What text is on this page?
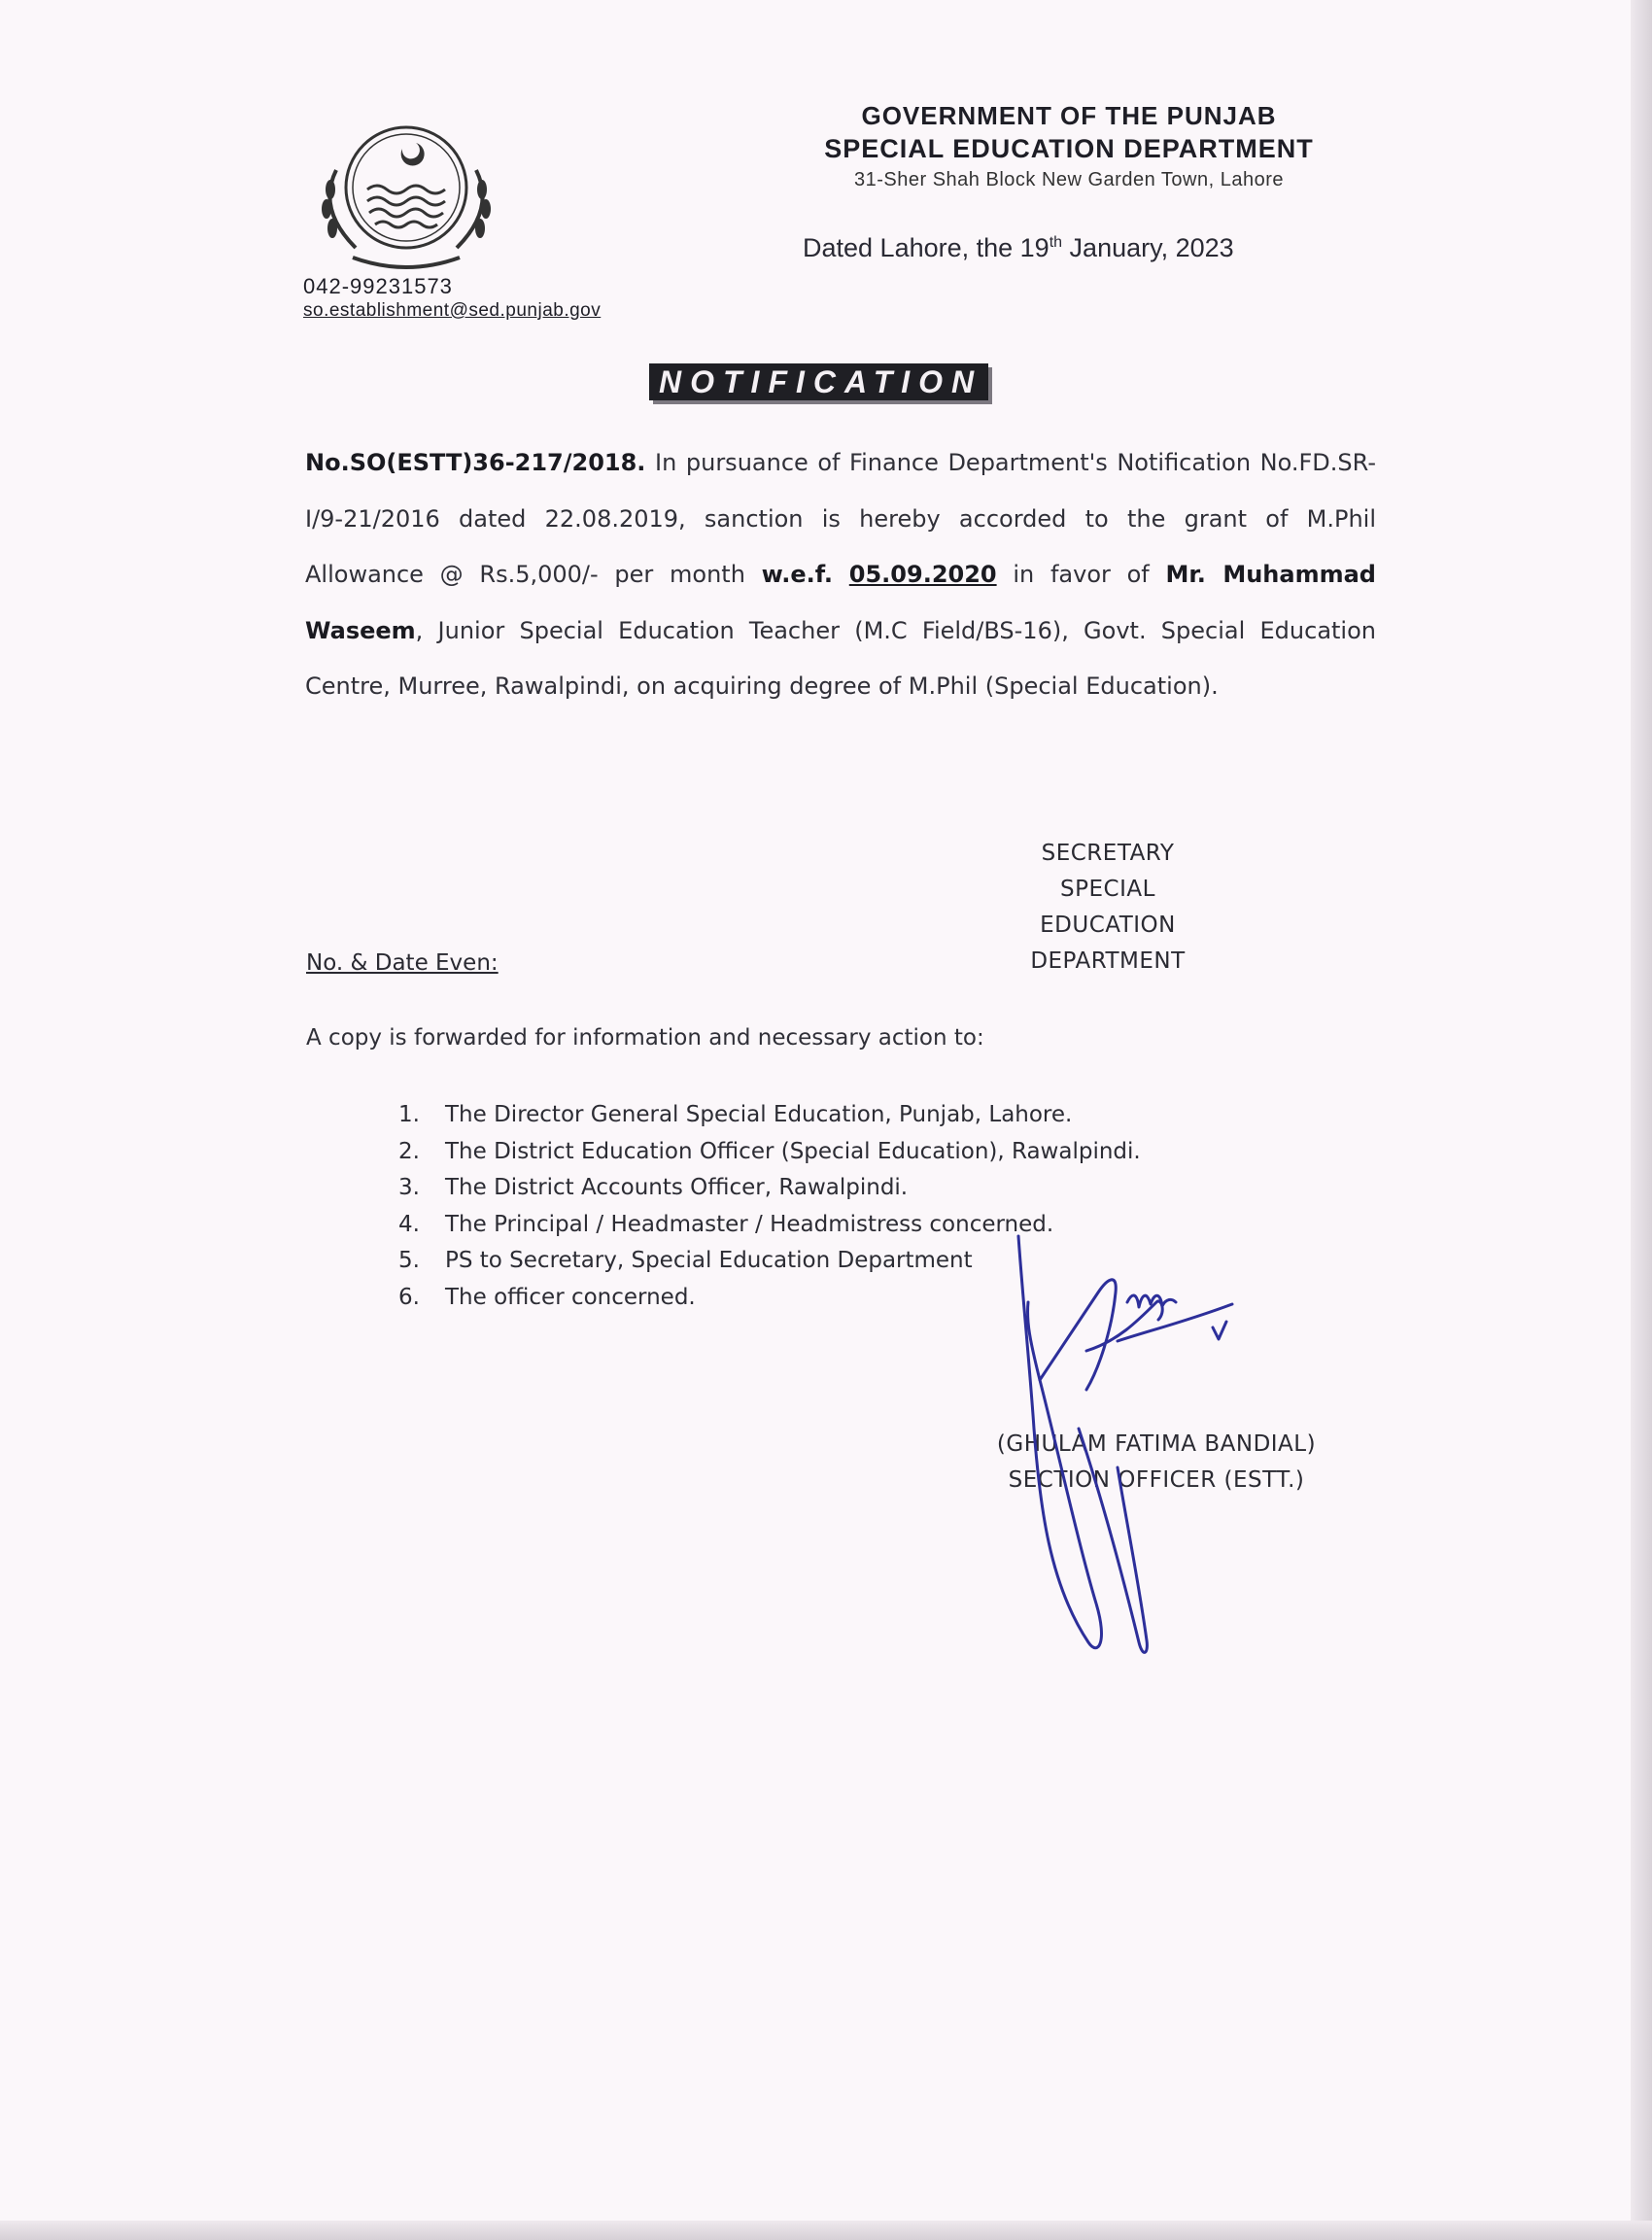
042-99231573
so.establishment@sed.punjab.gov
GOVERNMENT OF THE PUNJAB
SPECIAL EDUCATION DEPARTMENT
31-Sher Shah Block New Garden Town, Lahore
Dated Lahore, the 19th January, 2023
NOTIFICATION
No.SO(ESTT)36-217/2018. In pursuance of Finance Department's Notification No.FD.SR-I/9-21/2016 dated 22.08.2019, sanction is hereby accorded to the grant of M.Phil Allowance @ Rs.5,000/- per month w.e.f. 05.09.2020 in favor of Mr. Muhammad Waseem, Junior Special Education Teacher (M.C Field/BS-16), Govt. Special Education Centre, Murree, Rawalpindi, on acquiring degree of M.Phil (Special Education).
SECRETARY
SPECIAL EDUCATION
DEPARTMENT
No. & Date Even:
A copy is forwarded for information and necessary action to:
1.	The Director General Special Education, Punjab, Lahore.
2.	The District Education Officer (Special Education), Rawalpindi.
3.	The District Accounts Officer, Rawalpindi.
4.	The Principal / Headmaster / Headmistress concerned.
5.	PS to Secretary, Special Education Department
6.	The officer concerned.
(GHULAM FATIMA BANDIAL)
SECTION OFFICER (ESTT.)
